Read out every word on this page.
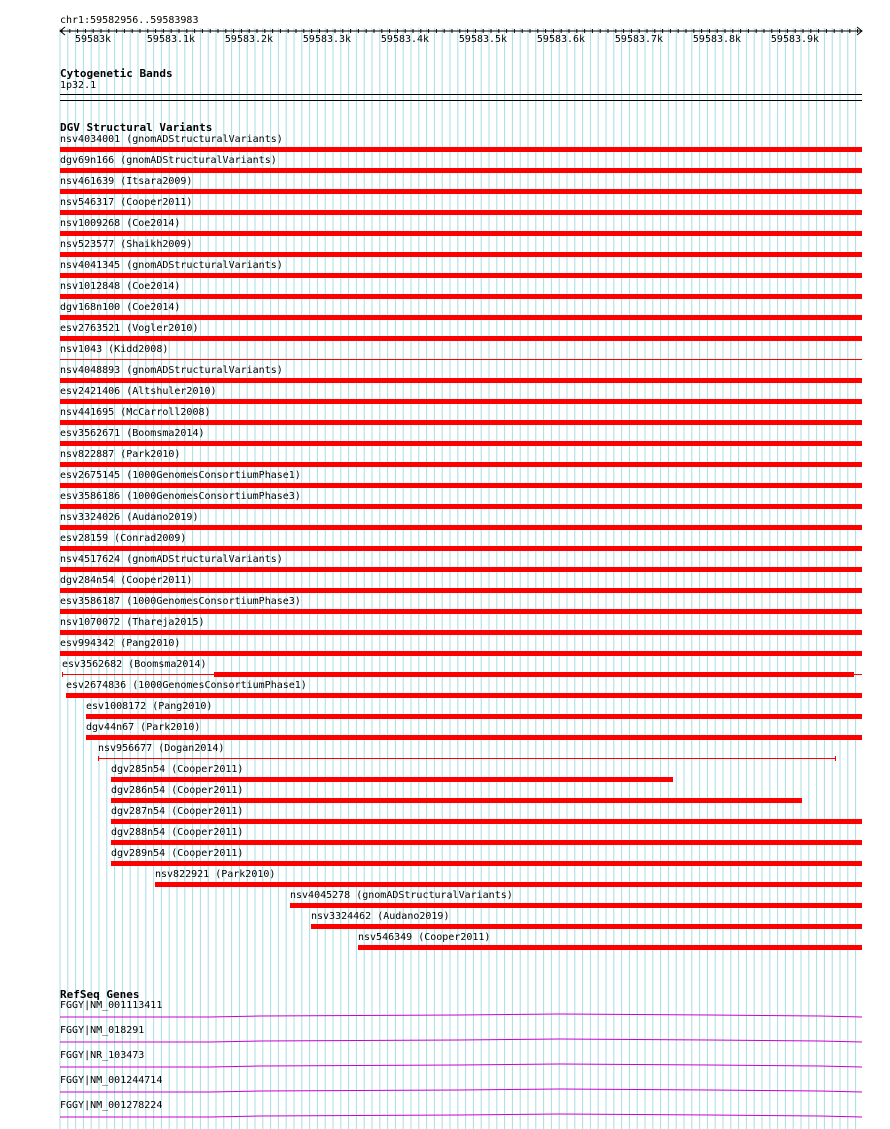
chr1:59582956..59583983
59583k	59583.1k	59583.2k	59583.3k	59583.4k	59583.5k	59583.6k	59583.7k	59583.8k	59583.9k
Cytogenetic Bands
1p32.1
DGV Structural Variants
nsv4034001 (gnomADStructuralVariants)
dgv69n166 (gnomADStructuralVariants)
nsv461639 (Itsara2009)
nsv546317 (Cooper2011)
nsv1009268 (Coe2014)
nsv523577 (Shaikh2009)
nsv4041345 (gnomADStructuralVariants)
nsv1012848 (Coe2014)
dgv168n100 (Coe2014)
esv2763521 (Vogler2010)
nsv1043 (Kidd2008)
nsv4048893 (gnomADStructuralVariants)
esv2421406 (Altshuler2010)
nsv441695 (McCarroll2008)
esv3562671 (Boomsma2014)
nsv822887 (Park2010)
esv2675145 (1000GenomesConsortiumPhase1)
esv3586186 (1000GenomesConsortiumPhase3)
nsv3324026 (Audano2019)
esv28159 (Conrad2009)
nsv4517624 (gnomADStructuralVariants)
dgv284n54 (Cooper2011)
esv3586187 (1000GenomesConsortiumPhase3)
nsv1070072 (Thareja2015)
esv994342 (Pang2010)
esv3562682 (Boomsma2014)
esv2674836 (1000GenomesConsortiumPhase1)
esv1008172 (Pang2010)
dgv44n67 (Park2010)
nsv956677 (Dogan2014)
dgv285n54 (Cooper2011)
dgv286n54 (Cooper2011)
dgv287n54 (Cooper2011)
dgv288n54 (Cooper2011)
dgv289n54 (Cooper2011)
nsv822921 (Park2010)
nsv4045278 (gnomADStructuralVariants)
nsv3324462 (Audano2019)
nsv546349 (Cooper2011)
RefSeq Genes
FGGY|NM_001113411
FGGY|NM_018291
FGGY|NR_103473
FGGY|NM_001244714
FGGY|NM_001278224
